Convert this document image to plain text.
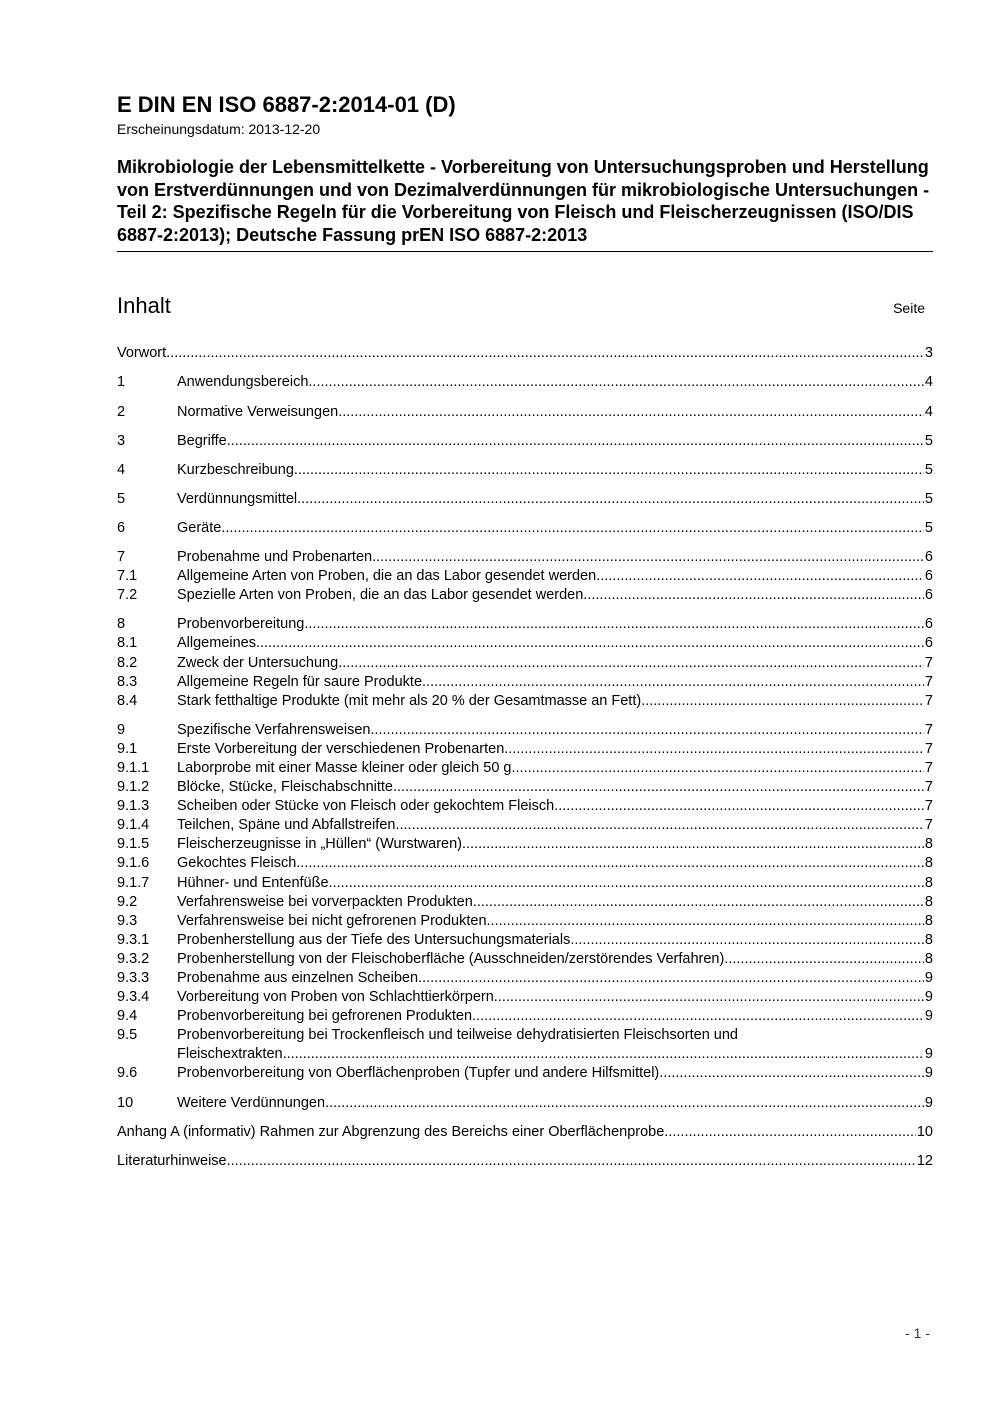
E DIN EN ISO 6887-2:2014-01 (D)
Erscheinungsdatum: 2013-12-20
Mikrobiologie der Lebensmittelkette - Vorbereitung von Untersuchungsproben und Herstellung von Erstverdünnungen und von Dezimalverdünnungen für mikrobiologische Untersuchungen - Teil 2: Spezifische Regeln für die Vorbereitung von Fleisch und Fleischerzeugnissen (ISO/DIS 6887-2:2013); Deutsche Fassung prEN ISO 6887-2:2013
Inhalt	Seite
Vorwort .....	3
1	Anwendungsbereich .....	4
2	Normative Verweisungen .....	4
3	Begriffe .....	5
4	Kurzbeschreibung .....	5
5	Verdünnungsmittel .....	5
6	Geräte .....	5
7	Probenahme und Probenarten .....	6
7.1	Allgemeine Arten von Proben, die an das Labor gesendet werden .....	6
7.2	Spezielle Arten von Proben, die an das Labor gesendet werden .....	6
8	Probenvorbereitung .....	6
8.1	Allgemeines .....	6
8.2	Zweck der Untersuchung .....	7
8.3	Allgemeine Regeln für saure Produkte .....	7
8.4	Stark fetthaltige Produkte (mit mehr als 20 % der Gesamtmasse an Fett) .....	7
9	Spezifische Verfahrensweisen .....	7
9.1	Erste Vorbereitung der verschiedenen Probenarten .....	7
9.1.1	Laborprobe mit einer Masse kleiner oder gleich 50 g .....	7
9.1.2	Blöcke, Stücke, Fleischabschnitte .....	7
9.1.3	Scheiben oder Stücke von Fleisch oder gekochtem Fleisch .....	7
9.1.4	Teilchen, Späne und Abfallstreifen .....	7
9.1.5	Fleischerzeugnisse in „Hüllen“ (Wurstwaren) .....	8
9.1.6	Gekochtes Fleisch .....	8
9.1.7	Hühner- und Entenfüße .....	8
9.2	Verfahrensweise bei vorverpackten Produkten .....	8
9.3	Verfahrensweise bei nicht gefrorenen Produkten .....	8
9.3.1	Probenherstellung aus der Tiefe des Untersuchungsmaterials .....	8
9.3.2	Probenherstellung von der Fleischoberfläche (Ausschneiden/zerstörendes Verfahren) .....	8
9.3.3	Probenahme aus einzelnen Scheiben .....	9
9.3.4	Vorbereitung von Proben von Schlachttierkörpern .....	9
9.4	Probenvorbereitung bei gefrorenen Produkten .....	9
9.5	Probenvorbereitung bei Trockenfleisch und teilweise dehydratisierten Fleischsorten und
Fleischextrakten .....	9
9.6	Probenvorbereitung von Oberflächenproben (Tupfer und andere Hilfsmittel) .....	9
10	Weitere Verdünnungen .....	9
Anhang A (informativ) Rahmen zur Abgrenzung des Bereichs einer Oberflächenprobe .....	10
Literaturhinweise .....	12
- 1 -
